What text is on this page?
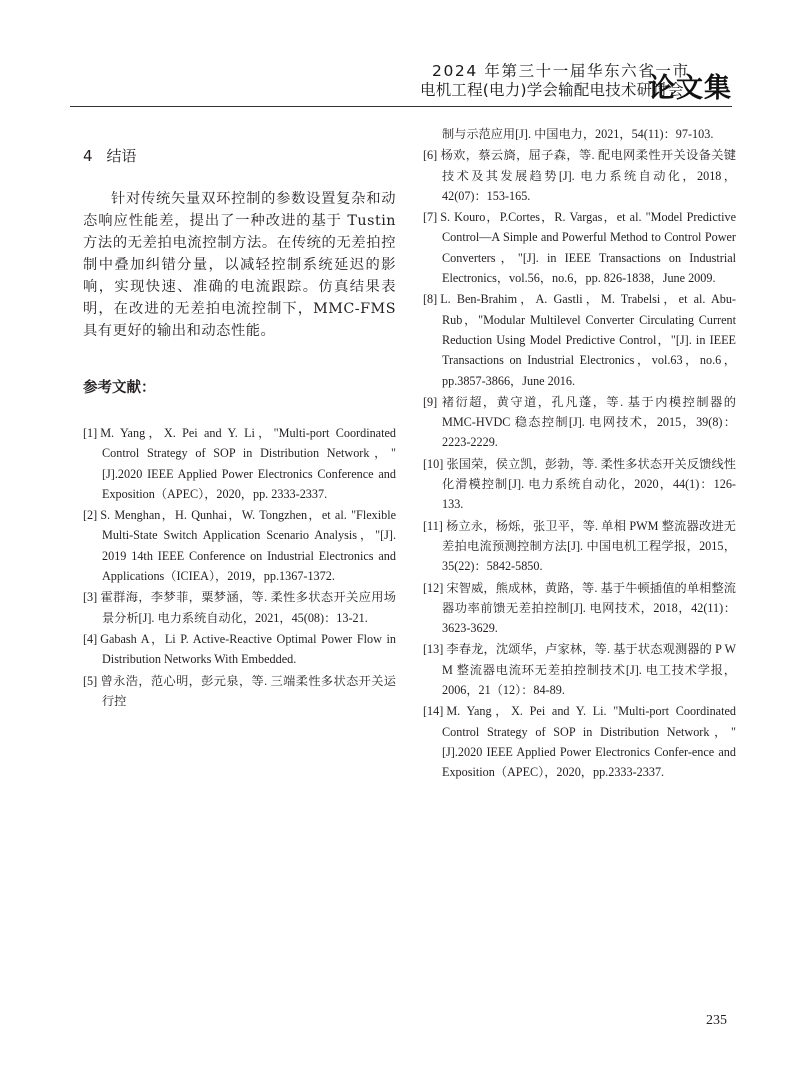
2024 年第三十一届华东六省一市
电机工程(电力)学会输配电技术研讨会
论文集
4 结语

针对传统矢量双环控制的参数设置复杂和动态响应性能差，提出了一种改进的基于 Tustin 方法的无差拍电流控制方法。在传统的无差拍控制中叠加纠错分量，以减轻控制系统延迟的影响，实现快速、准确的电流跟踪。仿真结果表明，在改进的无差拍电流控制下，MMC-FMS 具有更好的输出和动态性能。

参考文献：

[1] M. Yang，X. Pei and Y. Li，"Multi-port Coordinated Control Strategy of SOP in Distribution Network，"[J].2020 IEEE Applied Power Electronics Conference and Exposition（APEC），2020，pp. 2333-2337.

[2] S. Menghan，H. Qunhai，W. Tongzhen，et al. "Flexible Multi-State Switch Application Scenario Analysis，"[J]. 2019 14th IEEE Conference on Industrial Electronics and Applications（ICIEA），2019，pp.1367-1372.

[3] 霍群海，李梦菲，粟梦涵，等. 柔性多状态开关应用场景分析[J]. 电力系统自动化，2021，45(08)：13-21.

[4] Gabash A，Li P. Active-Reactive Optimal Power Flow in Distribution Networks With Embedded.

[5] 曾永浩，范心明，彭元泉，等. 三端柔性多状态开关运行控

制与示范应用[J]. 中国电力，2021，54(11)：97-103.

[6] 杨欢，蔡云旖，屈子森，等. 配电网柔性开关设备关键技术及其发展趋势[J]. 电力系统自动化，2018，42(07)：153-165.

[7] S. Kouro，P.Cortes，R. Vargas，et al. "Model Predictive Control—A Simple and Powerful Method to Control Power Converters，"[J]. in IEEE Transactions on Industrial Electronics，vol.56，no.6，pp. 826-1838，June 2009.

[8] L. Ben-Brahim，A. Gastli，M. Trabelsi，et al. Abu-Rub，"Modular Multilevel Converter Circulating Current Reduction Using Model Predictive Control，"[J]. in IEEE Transactions on Industrial Electronics，vol.63，no.6，pp.3857-3866，June 2016.

[9] 褚衍超，黄守道，孔凡蓬，等. 基于内模控制器的 MMC-HVDC 稳态控制[J]. 电网技术，2015，39(8)：2223-2229.

[10] 张国荣，侯立凯，彭勃，等. 柔性多状态开关反馈线性化滑模控制[J]. 电力系统自动化，2020，44(1)：126-133.

[11] 杨立永，杨烁，张卫平，等. 单相 PWM 整流器改进无差拍电流预测控制方法[J]. 中国电机工程学报，2015，35(22)：5842-5850.

[12] 宋智威，熊成林，黄路，等. 基于牛顿插值的单相整流器功率前馈无差拍控制[J]. 电网技术，2018，42(11)：3623-3629.

[13] 李春龙，沈颂华，卢家林，等. 基于状态观测器的 P W M 整流器电流环无差拍控制技术[J]. 电工技术学报，2006，21（12）：84-89.

[14] M. Yang，X. Pei and Y. Li. "Multi-port Coordinated Control Strategy of SOP in Distribution Network，"[J].2020 IEEE Applied Power Electronics Confer-ence and Exposition（APEC），2020，pp.2333-2337.

235
